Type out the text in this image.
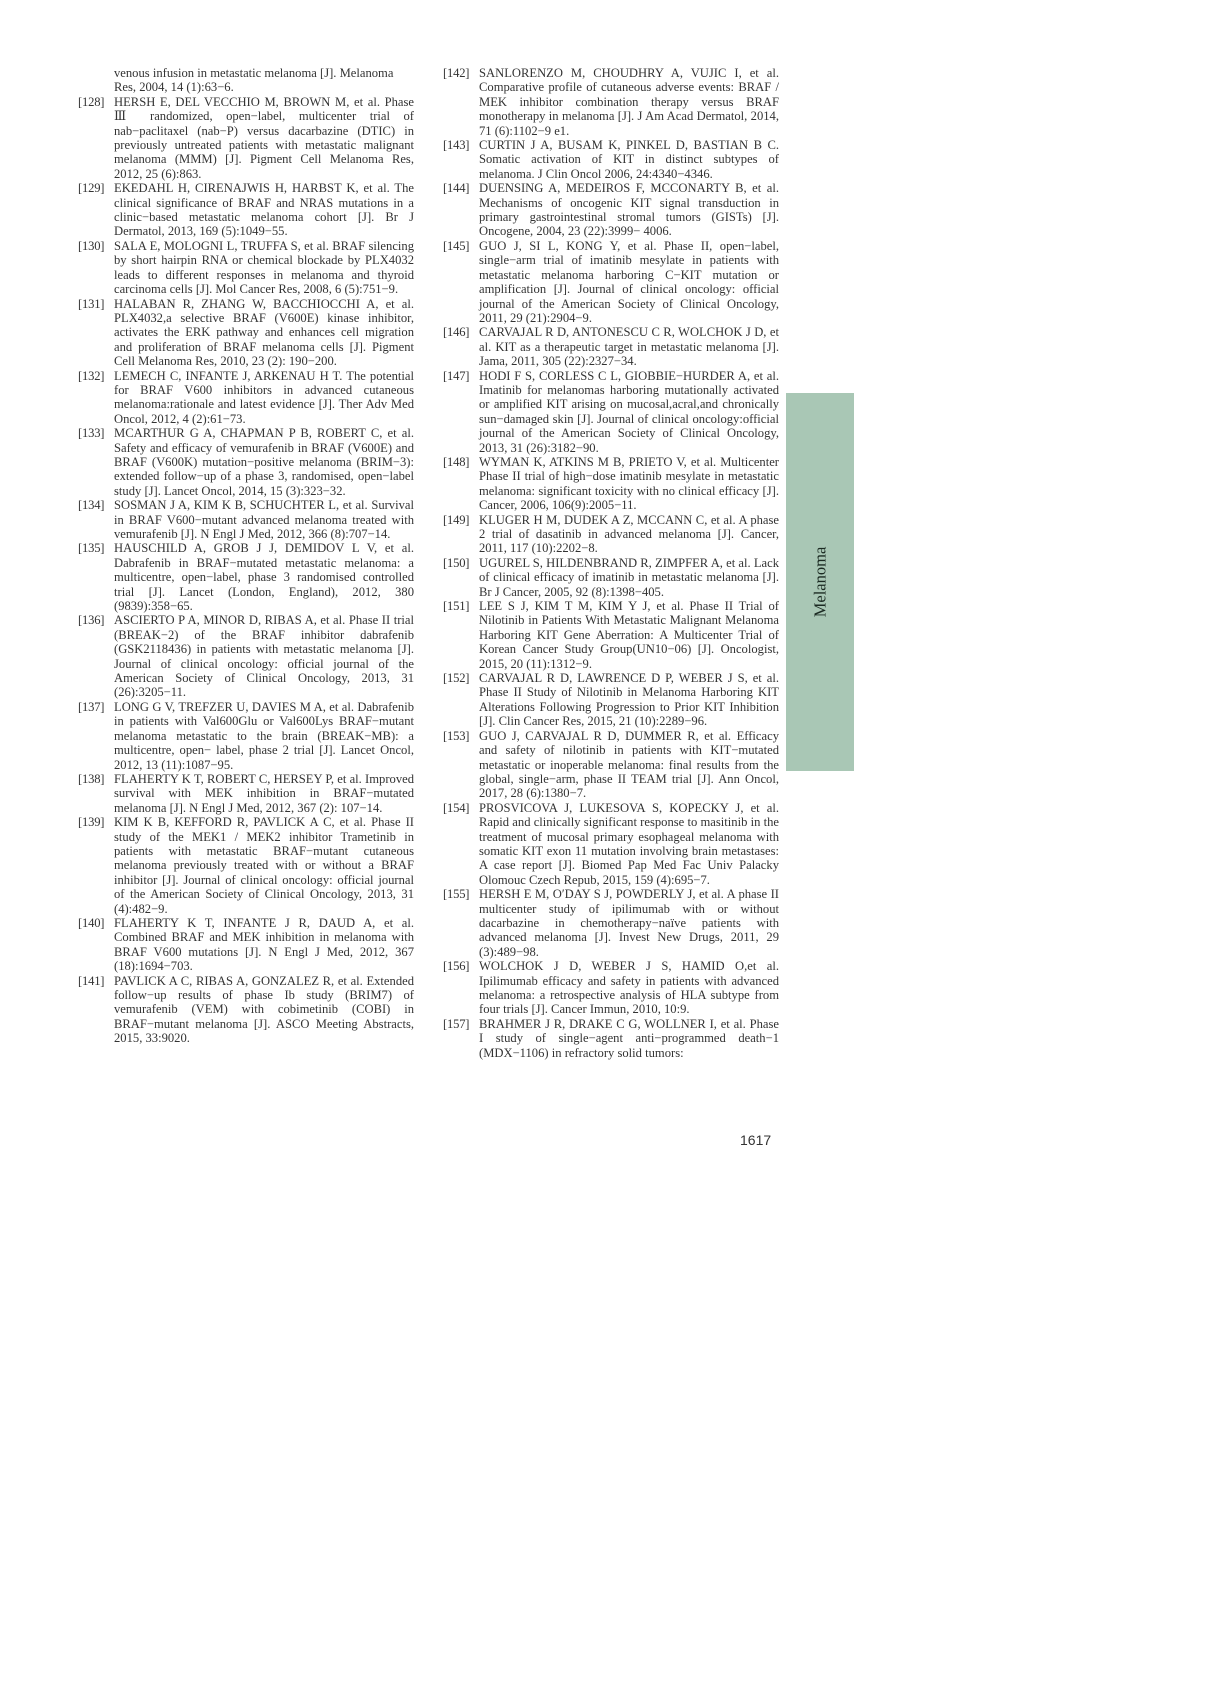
venous infusion in metastatic melanoma [J]. Melanoma Res, 2004, 14 (1):63−6.
[128] HERSH E, DEL VECCHIO M, BROWN M, et al. Phase Ⅲ randomized, open−label, multicenter trial of nab−paclitaxel (nab−P) versus dacarbazine (DTIC) in previously untreated patients with metastatic malignant melanoma (MMM) [J]. Pigment Cell Melanoma Res, 2012, 25 (6):863.
[129] EKEDAHL H, CIRENAJWIS H, HARBST K, et al. The clinical significance of BRAF and NRAS mutations in a clinic−based metastatic melanoma cohort [J]. Br J Dermatol, 2013, 169 (5):1049−55.
[130] SALA E, MOLOGNI L, TRUFFA S, et al. BRAF silencing by short hairpin RNA or chemical blockade by PLX4032 leads to different responses in melanoma and thyroid carcinoma cells [J]. Mol Cancer Res, 2008, 6 (5):751−9.
[131] HALABAN R, ZHANG W, BACCHIOCCHI A, et al. PLX4032,a selective BRAF (V600E) kinase inhibitor, activates the ERK pathway and enhances cell migration and proliferation of BRAF melanoma cells [J]. Pigment Cell Melanoma Res, 2010, 23 (2): 190−200.
[132] LEMECH C, INFANTE J, ARKENAU H T. The potential for BRAF V600 inhibitors in advanced cutaneous melanoma:rationale and latest evidence [J]. Ther Adv Med Oncol, 2012, 4 (2):61−73.
[133] MCARTHUR G A, CHAPMAN P B, ROBERT C, et al. Safety and efficacy of vemurafenib in BRAF (V600E) and BRAF (V600K) mutation−positive melanoma (BRIM−3): extended follow−up of a phase 3, randomised, open−label study [J]. Lancet Oncol, 2014, 15 (3):323−32.
[134] SOSMAN J A, KIM K B, SCHUCHTER L, et al. Survival in BRAF V600−mutant advanced melanoma treated with vemurafenib [J]. N Engl J Med, 2012, 366 (8):707−14.
[135] HAUSCHILD A, GROB J J, DEMIDOV L V, et al. Dabrafenib in BRAF−mutated metastatic melanoma: a multicentre, open−label, phase 3 randomised controlled trial [J]. Lancet (London, England), 2012, 380 (9839):358−65.
[136] ASCIERTO P A, MINOR D, RIBAS A, et al. Phase II trial (BREAK−2) of the BRAF inhibitor dabrafenib (GSK2118436) in patients with metastatic melanoma [J]. Journal of clinical oncology: official journal of the American Society of Clinical Oncology, 2013, 31 (26):3205−11.
[137] LONG G V, TREFZER U, DAVIES M A, et al. Dabrafenib in patients with Val600Glu or Val600Lys BRAF−mutant melanoma metastatic to the brain (BREAK−MB): a multicentre, open− label, phase 2 trial [J]. Lancet Oncol, 2012, 13 (11):1087−95.
[138] FLAHERTY K T, ROBERT C, HERSEY P, et al. Improved survival with MEK inhibition in BRAF−mutated melanoma [J]. N Engl J Med, 2012, 367 (2): 107−14.
[139] KIM K B, KEFFORD R, PAVLICK A C, et al. Phase II study of the MEK1 / MEK2 inhibitor Trametinib in patients with metastatic BRAF−mutant cutaneous melanoma previously treated with or without a BRAF inhibitor [J]. Journal of clinical oncology: official journal of the American Society of Clinical Oncology, 2013, 31 (4):482−9.
[140] FLAHERTY K T, INFANTE J R, DAUD A, et al. Combined BRAF and MEK inhibition in melanoma with BRAF V600 mutations [J]. N Engl J Med, 2012, 367 (18):1694−703.
[141] PAVLICK A C, RIBAS A, GONZALEZ R, et al. Extended follow−up results of phase Ib study (BRIM7) of vemurafenib (VEM) with cobimetinib (COBI) in BRAF−mutant melanoma [J]. ASCO Meeting Abstracts, 2015, 33:9020.
[142] SANLORENZO M, CHOUDHRY A, VUJIC I, et al. Comparative profile of cutaneous adverse events: BRAF / MEK inhibitor combination therapy versus BRAF monotherapy in melanoma [J]. J Am Acad Dermatol, 2014, 71 (6):1102−9 e1.
[143] CURTIN J A, BUSAM K, PINKEL D, BASTIAN B C. Somatic activation of KIT in distinct subtypes of melanoma. J Clin Oncol 2006, 24:4340−4346.
[144] DUENSING A, MEDEIROS F, MCCONARTY B, et al. Mechanisms of oncogenic KIT signal transduction in primary gastrointestinal stromal tumors (GISTs) [J]. Oncogene, 2004, 23 (22):3999− 4006.
[145] GUO J, SI L, KONG Y, et al. Phase II, open−label, single−arm trial of imatinib mesylate in patients with metastatic melanoma harboring C−KIT mutation or amplification [J]. Journal of clinical oncology: official journal of the American Society of Clinical Oncology, 2011, 29 (21):2904−9.
[146] CARVAJAL R D, ANTONESCU C R, WOLCHOK J D, et al. KIT as a therapeutic target in metastatic melanoma [J]. Jama, 2011, 305 (22):2327−34.
[147] HODI F S, CORLESS C L, GIOBBIE−HURDER A, et al. Imatinib for melanomas harboring mutationally activated or amplified KIT arising on mucosal,acral,and chronically sun−damaged skin [J]. Journal of clinical oncology:official journal of the American Society of Clinical Oncology, 2013, 31 (26):3182−90.
[148] WYMAN K, ATKINS M B, PRIETO V, et al. Multicenter Phase II trial of high−dose imatinib mesylate in metastatic melanoma: significant toxicity with no clinical efficacy [J]. Cancer, 2006, 106(9):2005−11.
[149] KLUGER H M, DUDEK A Z, MCCANN C, et al. A phase 2 trial of dasatinib in advanced melanoma [J]. Cancer, 2011, 117 (10):2202−8.
[150] UGUREL S, HILDENBRAND R, ZIMPFER A, et al. Lack of clinical efficacy of imatinib in metastatic melanoma [J]. Br J Cancer, 2005, 92 (8):1398−405.
[151] LEE S J, KIM T M, KIM Y J, et al. Phase II Trial of Nilotinib in Patients With Metastatic Malignant Melanoma Harboring KIT Gene Aberration: A Multicenter Trial of Korean Cancer Study Group(UN10−06) [J]. Oncologist, 2015, 20 (11):1312−9.
[152] CARVAJAL R D, LAWRENCE D P, WEBER J S, et al. Phase II Study of Nilotinib in Melanoma Harboring KIT Alterations Following Progression to Prior KIT Inhibition [J]. Clin Cancer Res, 2015, 21 (10):2289−96.
[153] GUO J, CARVAJAL R D, DUMMER R, et al. Efficacy and safety of nilotinib in patients with KIT−mutated metastatic or inoperable melanoma: final results from the global, single−arm, phase II TEAM trial [J]. Ann Oncol, 2017, 28 (6):1380−7.
[154] PROSVICOVA J, LUKESOVA S, KOPECKY J, et al. Rapid and clinically significant response to masitinib in the treatment of mucosal primary esophageal melanoma with somatic KIT exon 11 mutation involving brain metastases: A case report [J]. Biomed Pap Med Fac Univ Palacky Olomouc Czech Repub, 2015, 159 (4):695−7.
[155] HERSH E M, O′DAY S J, POWDERLY J, et al. A phase II multicenter study of ipilimumab with or without dacarbazine in chemotherapy−naïve patients with advanced melanoma [J]. Invest New Drugs, 2011, 29 (3):489−98.
[156] WOLCHOK J D, WEBER J S, HAMID O,et al. Ipilimumab efficacy and safety in patients with advanced melanoma: a retrospective analysis of HLA subtype from four trials [J]. Cancer Immun, 2010, 10:9.
[157] BRAHMER J R, DRAKE C G, WOLLNER I, et al. Phase I study of single−agent anti−programmed death−1 (MDX−1106) in refractory solid tumors:
Melanoma
1617
